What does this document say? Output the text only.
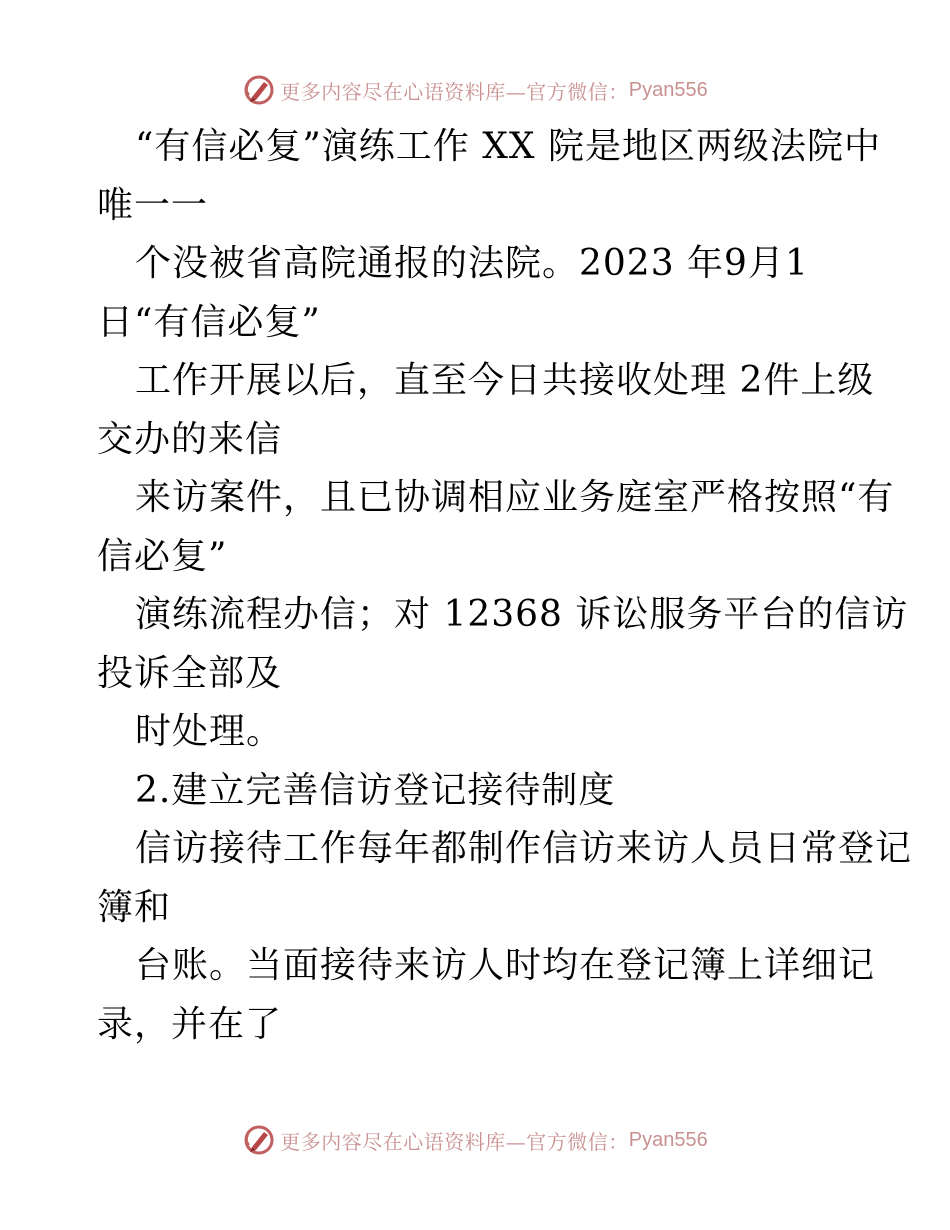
更多内容尽在心语资料库—官方微信： Pyan556
“有信必复”演练工作 XX 院是地区两级法院中
唯一一
个没被省高院通报的法院。2023 年9月1
日“有信必复”
工作开展以后，直至今日共接收处理 2件上级
交办的来信
来访案件，且已协调相应业务庭室严格按照“有
信必复”
演练流程办信；对 12368 诉讼服务平台的信访
投诉全部及
时处理。
2.建立完善信访登记接待制度
信访接待工作每年都制作信访来访人员日常登记
簿和
台账。当面接待来访人时均在登记簿上详细记
录，并在了
更多内容尽在心语资料库—官方微信： Pyan556
